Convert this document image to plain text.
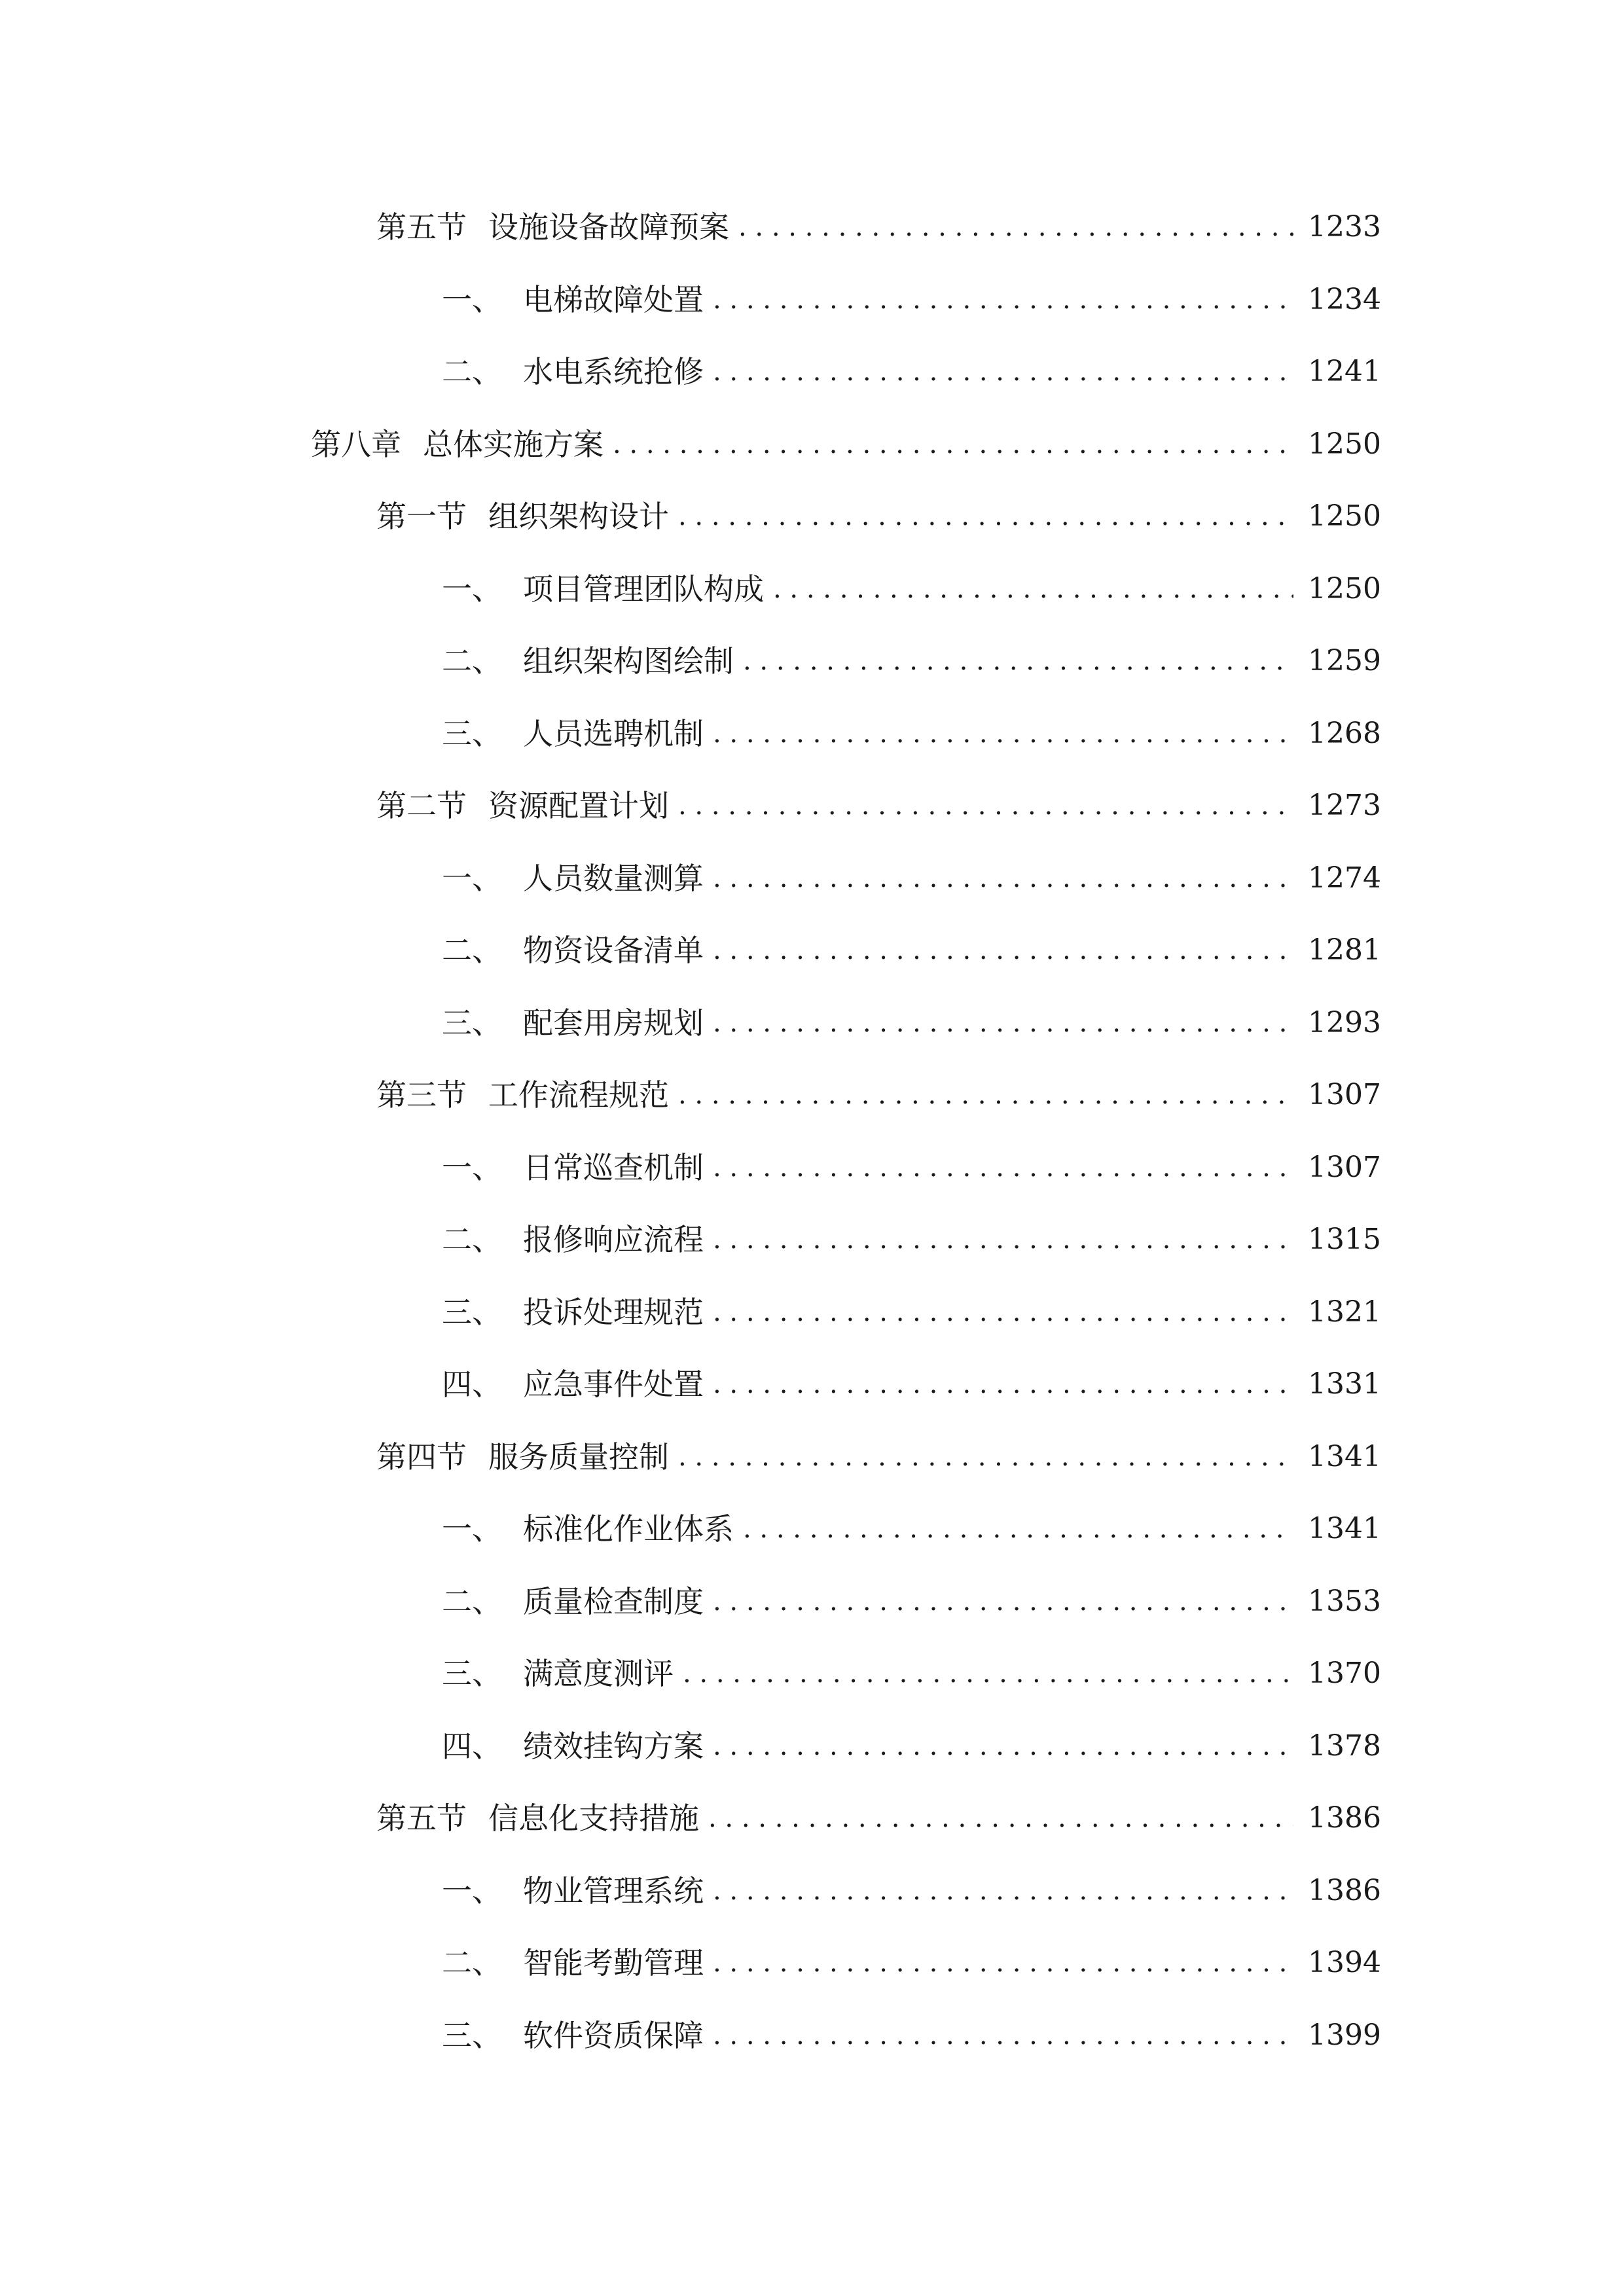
第五节 设施设备故障预案 . . .	1233
一、 电梯故障处置 . . .	1234
二、 水电系统抢修 . . .	1241
第八章 总体实施方案 . . .	1250
第一节 组织架构设计 . . .	1250
一、 项目管理团队构成 . . .	1250
二、 组织架构图绘制 . . .	1259
三、 人员选聘机制 . . .	1268
第二节 资源配置计划 . . .	1273
一、 人员数量测算 . . .	1274
二、 物资设备清单 . . .	1281
三、 配套用房规划 . . .	1293
第三节 工作流程规范 . . .	1307
一、 日常巡查机制 . . .	1307
二、 报修响应流程 . . .	1315
三、 投诉处理规范 . . .	1321
四、 应急事件处置 . . .	1331
第四节 服务质量控制 . . .	1341
一、 标准化作业体系 . . .	1341
二、 质量检查制度 . . .	1353
三、 满意度测评 . . .	1370
四、 绩效挂钩方案 . . .	1378
第五节 信息化支持措施 . . .	1386
一、 物业管理系统 . . .	1386
二、 智能考勤管理 . . .	1394
三、 软件资质保障 . . .	1399
